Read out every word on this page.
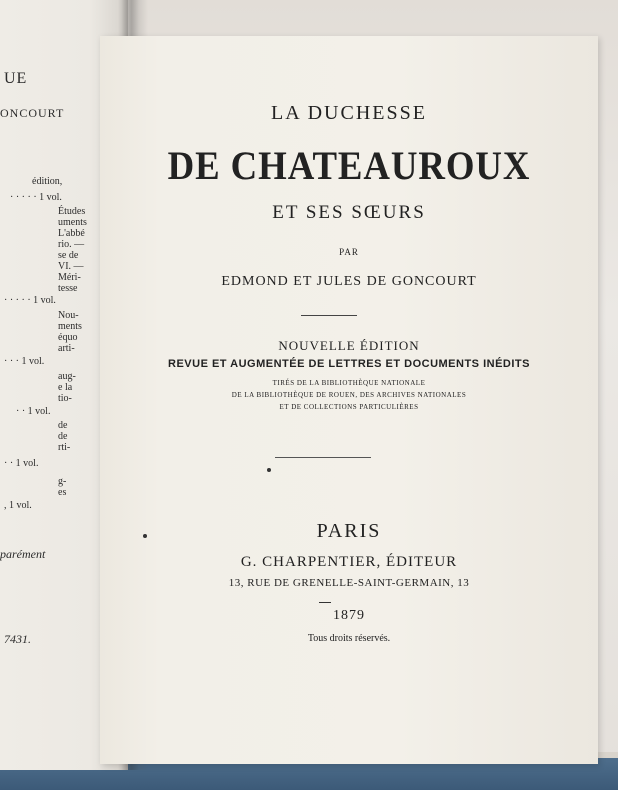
UE
ONCOURT
édition,
· · · · · 1 vol.
Études
uments
L'abbé
rio. —
se de
VI. —
Méri-
tesse
· · · · · 1 vol.
Nou-
ments
équo
arti-
· · · 1 vol.
aug-
e la
tio-
· · 1 vol.
de
de
rti-
· · 1 vol.
g-
es
, 1 vol.
parément
7431.
LA DUCHESSE
DE CHATEAUROUX
ET SES SŒURS
PAR
EDMOND ET JULES DE GONCOURT
NOUVELLE ÉDITION
REVUE ET AUGMENTÉE DE LETTRES ET DOCUMENTS INÉDITS
TIRÉS DE LA BIBLIOTHÈQUE NATIONALE
DE LA BIBLIOTHÈQUE DE ROUEN, DES ARCHIVES NATIONALES
ET DE COLLECTIONS PARTICULIÈRES
PARIS
G. CHARPENTIER, ÉDITEUR
13, RUE DE GRENELLE-SAINT-GERMAIN, 13
1879
Tous droits réservés.
